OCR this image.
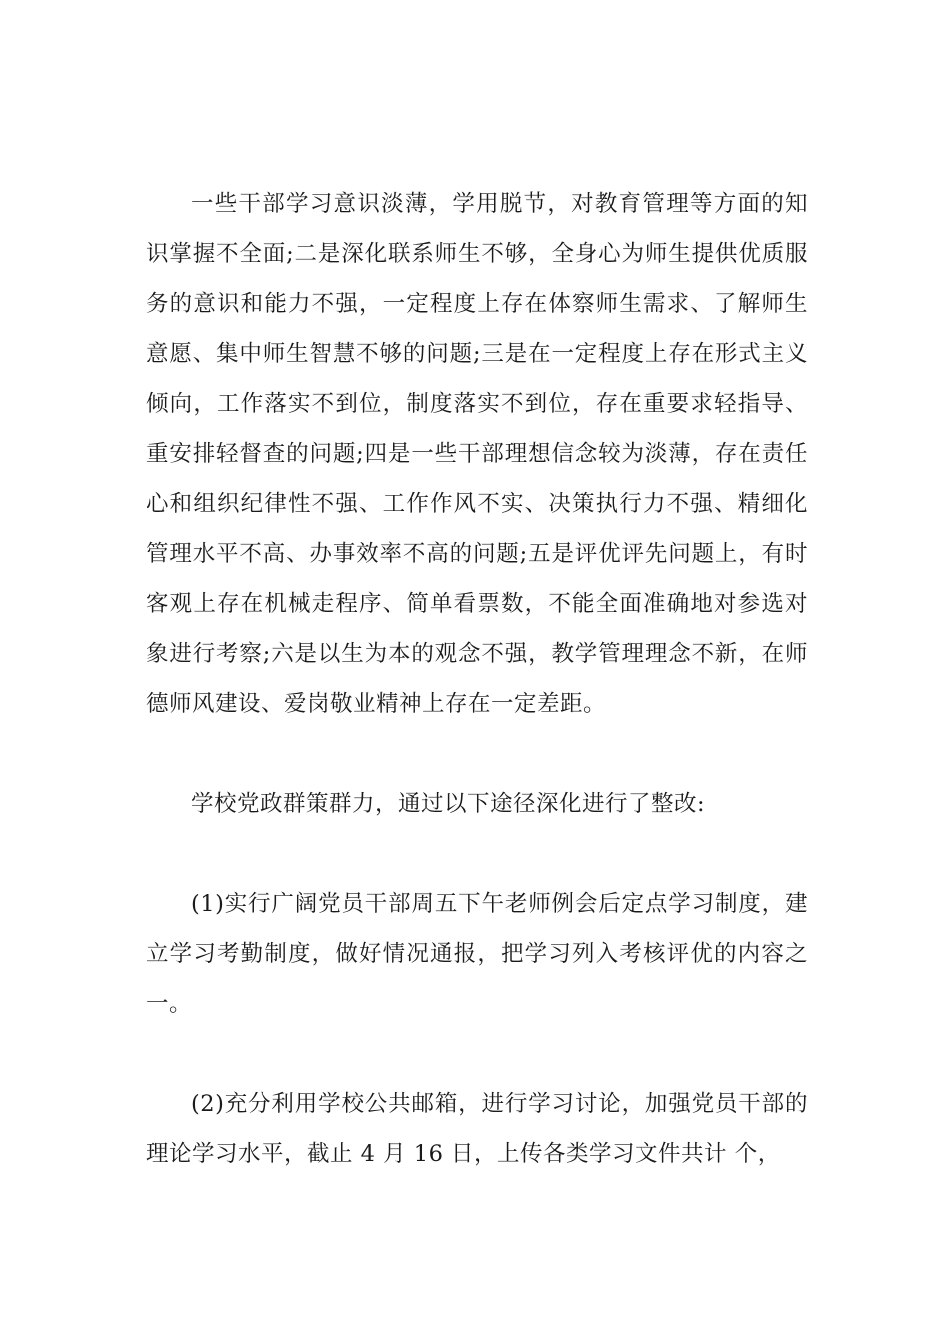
一些干部学习意识淡薄，学用脱节，对教育管理等方面的知识掌握不全面;二是深化联系师生不够，全身心为师生提供优质服务的意识和能力不强，一定程度上存在体察师生需求、了解师生意愿、集中师生智慧不够的问题;三是在一定程度上存在形式主义倾向，工作落实不到位，制度落实不到位，存在重要求轻指导、重安排轻督查的问题;四是一些干部理想信念较为淡薄，存在责任心和组织纪律性不强、工作作风不实、决策执行力不强、精细化管理水平不高、办事效率不高的问题;五是评优评先问题上，有时客观上存在机械走程序、简单看票数，不能全面准确地对参选对象进行考察;六是以生为本的观念不强，教学管理理念不新，在师德师风建设、爱岗敬业精神上存在一定差距。

学校党政群策群力，通过以下途径深化进行了整改:

(1)实行广阔党员干部周五下午老师例会后定点学习制度，建立学习考勤制度，做好情况通报，把学习列入考核评优的内容之一。

(2)充分利用学校公共邮箱，进行学习讨论，加强党员干部的理论学习水平，截止 4 月 16 日，上传各类学习文件共计 个，
